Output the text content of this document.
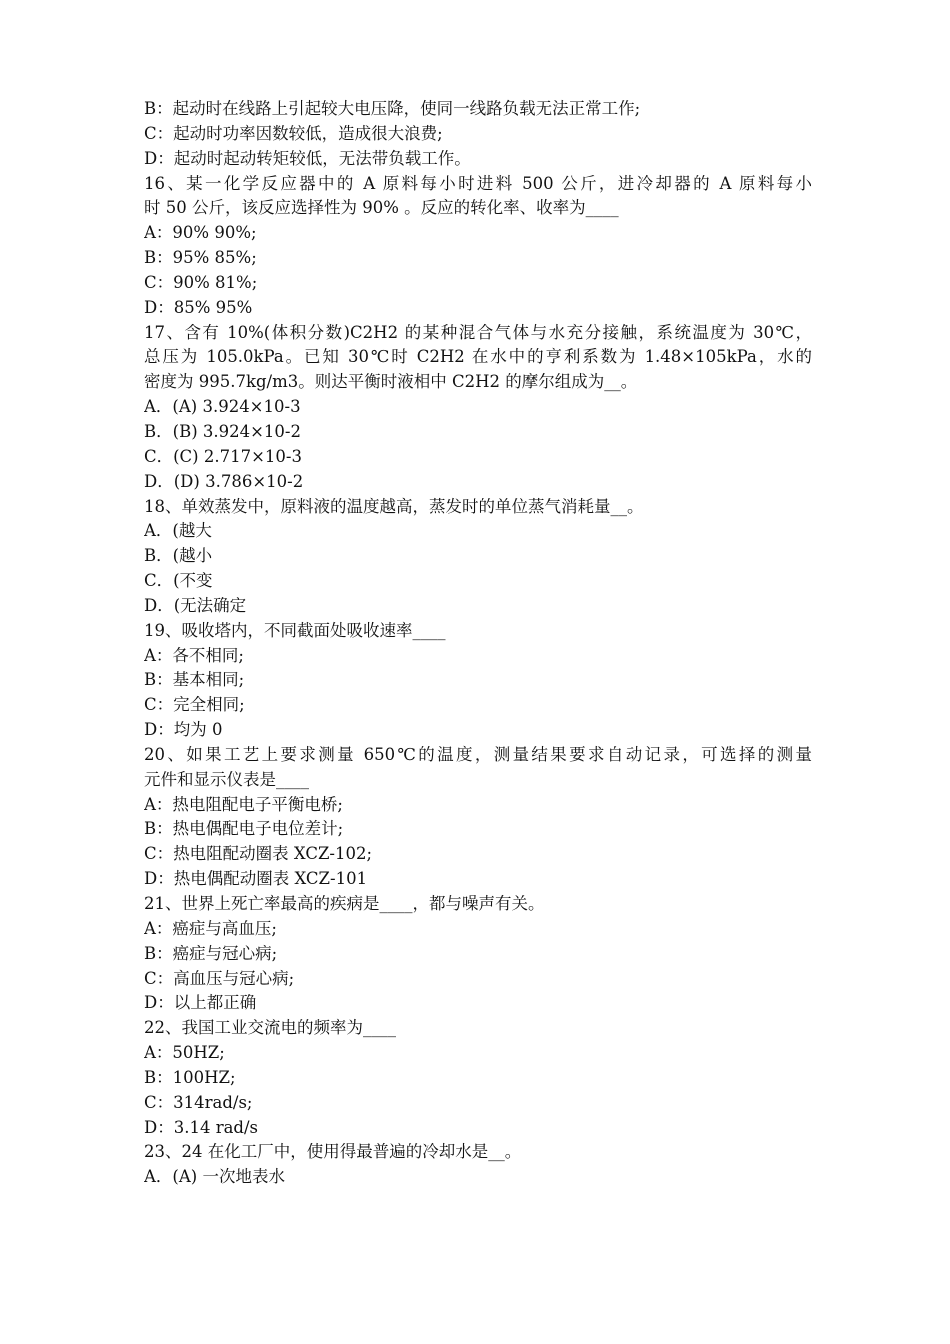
B：起动时在线路上引起较大电压降，使同一线路负载无法正常工作;
C：起动时功率因数较低，造成很大浪费;
D：起动时起动转矩较低，无法带负载工作。
16、某一化学反应器中的 A 原料每小时进料 500 公斤，进冷却器的 A 原料每小
时 50 公斤，该反应选择性为 90% 。反应的转化率、收率为____
A：90% 90%;
B：95% 85%;
C：90% 81%;
D：85% 95%
17、含有 10%(体积分数)C2H2 的某种混合气体与水充分接触，系统温度为 30℃，
总压为 105.0kPa。已知 30℃时 C2H2 在水中的亨利系数为 1.48×105kPa，水的
密度为 995.7kg/m3。则达平衡时液相中 C2H2 的摩尔组成为__。
A．(A) 3.924×10-3
B．(B) 3.924×10-2
C．(C) 2.717×10-3
D．(D) 3.786×10-2
18、单效蒸发中，原料液的温度越高，蒸发时的单位蒸气消耗量__。
A．(越大
B．(越小
C．(不变
D．(无法确定
19、吸收塔内，不同截面处吸收速率____
A：各不相同;
B：基本相同;
C：完全相同;
D：均为 0
20、如果工艺上要求测量 650℃的温度，测量结果要求自动记录，可选择的测量
元件和显示仪表是____
A：热电阻配电子平衡电桥;
B：热电偶配电子电位差计;
C：热电阻配动圈表 XCZ-102;
D：热电偶配动圈表 XCZ-101
21、世界上死亡率最高的疾病是____，都与噪声有关。
A：癌症与高血压;
B：癌症与冠心病;
C：高血压与冠心病;
D：以上都正确
22、我国工业交流电的频率为____
A：50HZ;
B：100HZ;
C：314rad/s;
D：3.14 rad/s
23、24 在化工厂中，使用得最普遍的冷却水是__。
A．(A) 一次地表水
